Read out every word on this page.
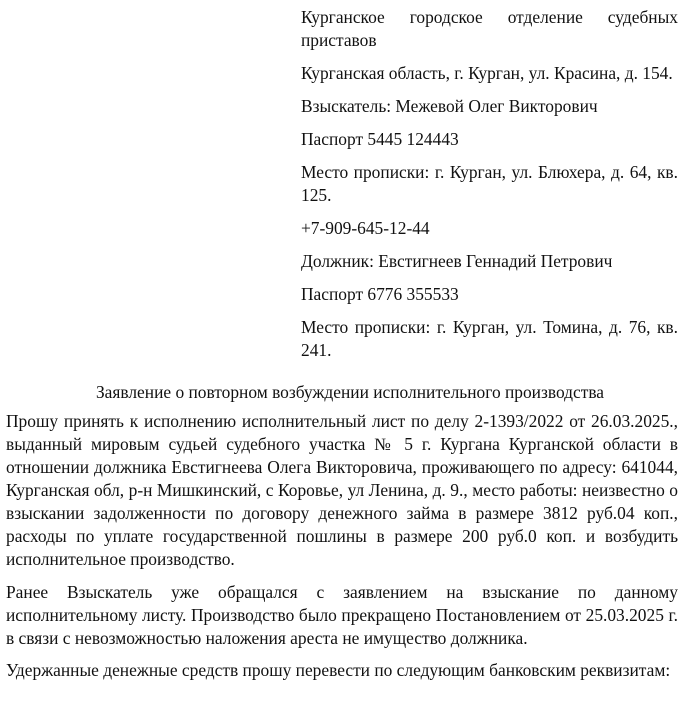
Курганское городское отделение судебных приставов

Курганская область, г. Курган, ул. Красина, д. 154.

Взыскатель: Межевой Олег Викторович

Паспорт 5445 124443

Место прописки: г. Курган, ул. Блюхера, д. 64, кв. 125.

+7-909-645-12-44

Должник: Евстигнеев Геннадий Петрович

Паспорт 6776 355533

Место прописки: г. Курган, ул. Томина, д. 76, кв. 241.

Заявление о повторном возбуждении исполнительного производства

Прошу принять к исполнению исполнительный лист по делу 2-1393/2022 от 26.03.2025., выданный мировым судьей судебного участка № 5 г. Кургана Курганской области в отношении должника Евстигнеева Олега Викторовича, проживающего по адресу: 641044, Курганская обл, р-н Мишкинский, с Коровье, ул Ленина, д. 9., место работы: неизвестно о взыскании задолженности по договору денежного займа в размере 3812 руб.04 коп., расходы по уплате государственной пошлины в размере 200 руб.0 коп. и возбудить исполнительное производство.

Ранее Взыскатель уже обращался с заявлением на взыскание по данному исполнительному листу. Производство было прекращено Постановлением от 25.03.2025 г. в связи с невозможностью наложения ареста не имущество должника.

Удержанные денежные средств прошу перевести по следующим банковским реквизитам:
